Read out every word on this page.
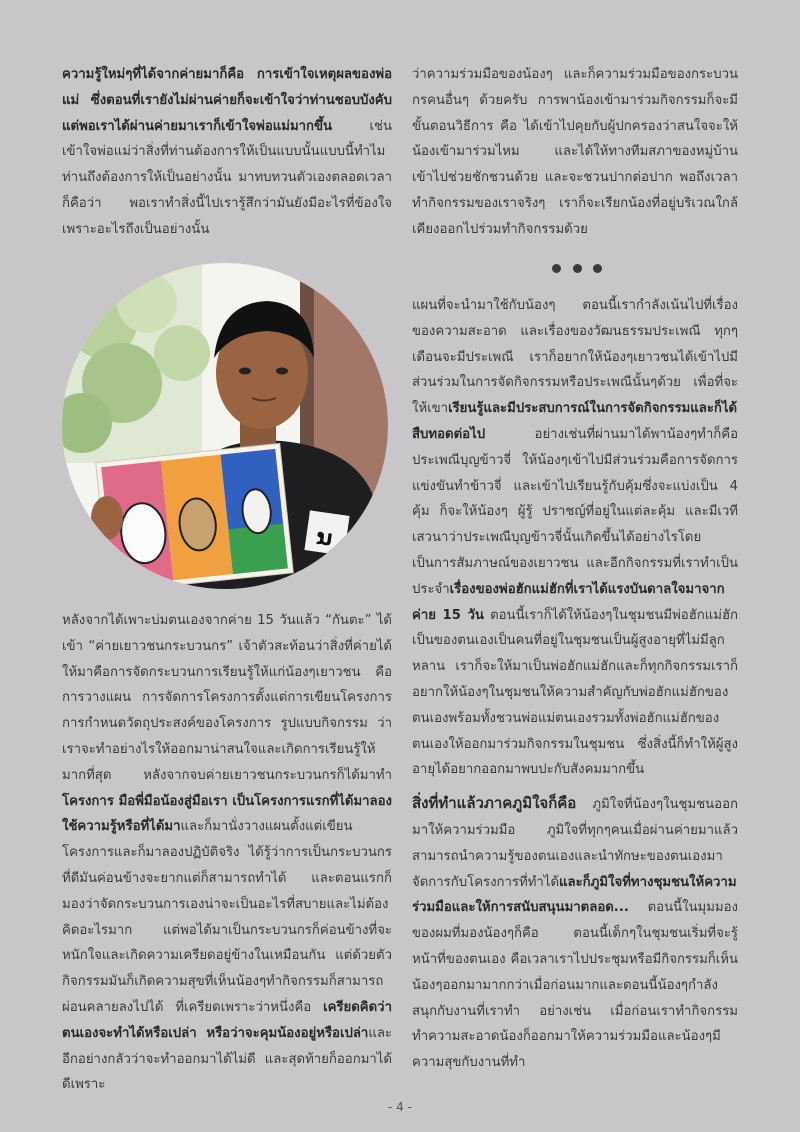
ความรู้ใหม่ๆที่ได้จากค่ายมาก็คือ การเข้าใจเหตุผลของพ่อแม่ ซึ่งตอนที่เรายังไม่ผ่านค่ายก็จะเข้าใจว่าท่านชอบบังคับ แต่พอเราได้ผ่านค่ายมาเราก็เข้าใจพ่อแม่มากขึ้น เช่น เข้าใจพ่อแม่ว่าสิ่งที่ท่านต้องการให้เป็นแบบนั้นแบบนี้ทำไมท่านถึงต้องการให้เป็นอย่างนั้น มาทบทวนตัวเองตลอดเวลา ก็คือว่า พอเราทำสิ่งนี้ไปเรารู้สึกว่ามันยังมีอะไรที่ข้องใจ เพราะอะไรถึงเป็นอย่างนั้น

ນ

หลังจากได้เพาะบ่มตนเองจากค่าย 15 วันแล้ว “กันตะ” ได้เข้า “ค่ายเยาวชนกระบวนกร” เจ้าตัวสะท้อนว่าสิ่งที่ค่ายได้ให้มาคือการจัดกระบวนการเรียนรู้ให้แก่น้องๆเยาวชน คือ การวางแผน การจัดการโครงการตั้งแต่การเขียนโครงการ การกำหนดวัตถุประสงค์ของโครงการ รูปแบบกิจกรรม ว่าเราจะทำอย่างไรให้ออกมาน่าสนใจและเกิดการเรียนรู้ให้มากที่สุด หลังจากจบค่ายเยาวชนกระบวนกรก็ได้มาทำโครงการ มือพี่มือน้องสู่มือเรา เป็นโครงการแรกที่ได้มาลองใช้ความรู้หรือที่ได้มาและก็มานั่งวางแผนตั้งแต่เขียนโครงการและก็มาลองปฏิบัติจริง ได้รู้ว่าการเป็นกระบวนกรที่ดีมันค่อนข้างจะยากแต่ก็สามารถทำได้ และตอนแรกก็มองว่าจัดกระบวนการเองน่าจะเป็นอะไรที่สบายและไม่ต้องคิดอะไรมาก แต่พอได้มาเป็นกระบวนกรก็ค่อนข้างที่จะหนักใจและเกิดความเครียดอยู่ข้างในเหมือนกัน แต่ด้วยตัวกิจกรรมมันก็เกิดความสุขที่เห็นน้องๆทำกิจกรรมก็สามารถผ่อนคลายลงไปได้ ที่เครียดเพราะว่าหนึ่งคือ เครียดคิดว่าตนเองจะทำได้หรือเปล่า หรือว่าจะคุมน้องอยู่หรือเปล่าและอีกอย่างกลัวว่าจะทำออกมาได้ไม่ดี และสุดท้ายก็ออกมาได้ดีเพราะ

ว่าความร่วมมือของน้องๆ และก็ความร่วมมือของกระบวนกรคนอื่นๆ ด้วยครับ การพาน้องเข้ามาร่วมกิจกรรมก็จะมีขั้นตอนวิธีการ คือ ได้เข้าไปคุยกับผู้ปกครองว่าสนใจจะให้น้องเข้ามาร่วมไหม และได้ให้ทางทีมสภาของหมู่บ้านเข้าไปช่วยชักชวนด้วย และจะชวนปากต่อปาก พอถึงเวลาทำกิจกรรมของเราจริงๆ เราก็จะเรียกน้องที่อยู่บริเวณใกล้เคียงออกไปร่วมทำกิจกรรมด้วย

แผนที่จะนำมาใช้กับน้องๆ ตอนนี้เรากำลังเน้นไปที่เรื่องของความสะอาด และเรื่องของวัฒนธรรมประเพณี ทุกๆเดือนจะมีประเพณี เราก็อยากให้น้องๆเยาวชนได้เข้าไปมีส่วนร่วมในการจัดกิจกรรมหรือประเพณีนั้นๆด้วย เพื่อที่จะให้เขาเรียนรู้และมีประสบการณ์ในการจัดกิจกรรมและก็ได้สืบทอดต่อไป อย่างเช่นที่ผ่านมาได้พาน้องๆทำก็คือ ประเพณีบุญข้าวจี่ ให้น้องๆเข้าไปมีส่วนร่วมคือการจัดการแข่งขันทำข้าวจี่ และเข้าไปเรียนรู้กับคุ้มซึ่งจะแบ่งเป็น 4 คุ้ม ก็จะให้น้องๆ ผู้รู้ ปราชญ์ที่อยู่ในแต่ละคุ้ม และมีเวทีเสวนาว่าประเพณีบุญข้าวจี่นั้นเกิดขึ้นได้อย่างไรโดยเป็นการสัมภาษณ์ของเยาวชน และอีกกิจกรรมที่เราทำเป็นประจำเรื่องของพ่อฮักแม่ฮักที่เราได้แรงบันดาลใจมาจากค่าย 15 วัน ตอนนี้เราก็ได้ให้น้องๆในชุมชนมีพ่อฮักแม่ฮักเป็นของตนเองเป็นคนที่อยู่ในชุมชนเป็นผู้สูงอายุที่ไม่มีลูกหลาน เราก็จะให้มาเป็นพ่อฮักแม่ฮักและก็ทุกกิจกรรมเราก็อยากให้น้องๆในชุมชนให้ความสำคัญกับพ่อฮักแม่ฮักของตนเองพร้อมทั้งชวนพ่อแม่ตนเองรวมทั้งพ่อฮักแม่ฮักของตนเองให้ออกมาร่วมกิจกรรมในชุมชน ซึ่งสิ่งนี้ก็ทำให้ผู้สูงอายุได้อยากออกมาพบปะกับสังคมมากขึ้น

สิ่งที่ทำแล้วภาคภูมิใจก็คือ ภูมิใจที่น้องๆในชุมชนออกมาให้ความร่วมมือ ภูมิใจที่ทุกๆคนเมื่อผ่านค่ายมาแล้วสามารถนำความรู้ของตนเองและนำทักษะของตนเองมาจัดการกับโครงการที่ทำได้และก็ภูมิใจที่ทางชุมชนให้ความร่วมมือและให้การสนับสนุนมาตลอด... ตอนนี้ในมุมมองของผมที่มองน้องๆก็คือ ตอนนี้เด็กๆในชุมชนเริ่มที่จะรู้หน้าที่ของตนเอง คือเวลาเราไปประชุมหรือมีกิจกรรมก็เห็นน้องๆออกมามากกว่าเมื่อก่อนมากและตอนนี้น้องๆกำลังสนุกกับงานที่เราทำ อย่างเช่น เมื่อก่อนเราทำกิจกรรมทำความสะอาดน้องก็ออกมาให้ความร่วมมือและน้องๆมีความสุขกับงานที่ทำ

- 4 -
